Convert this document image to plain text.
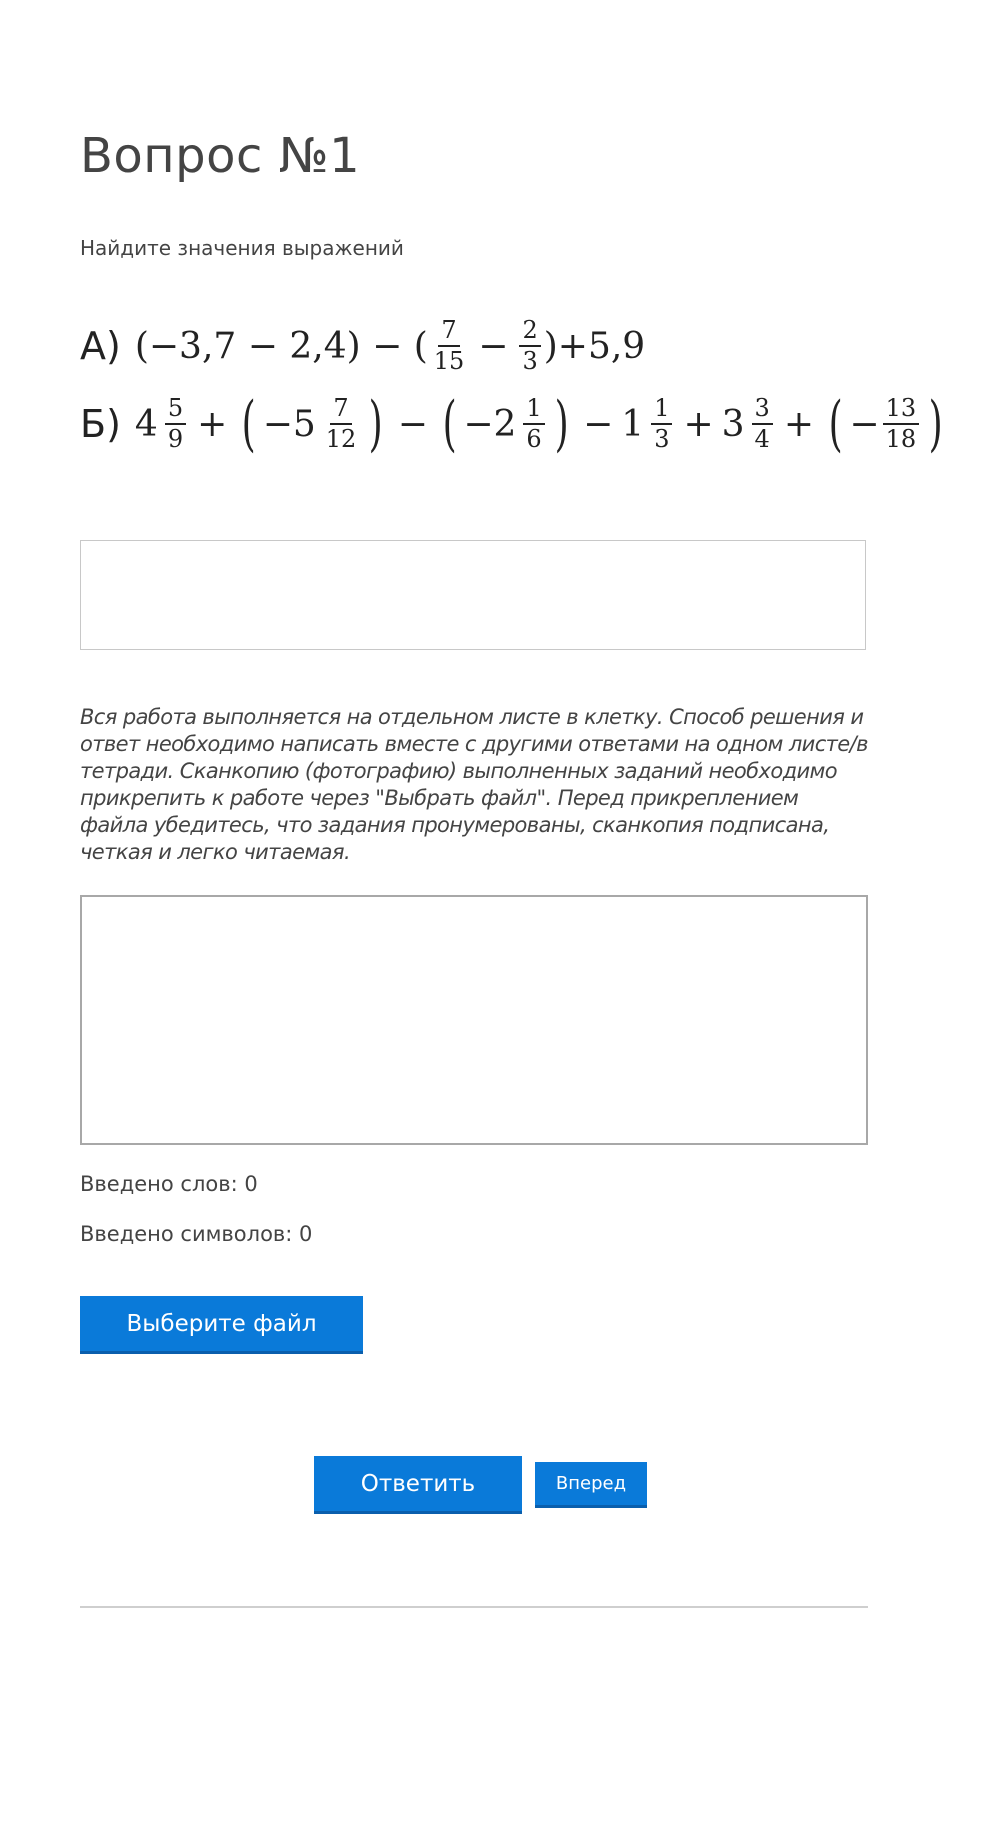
Вопрос №1
Найдите значения выражений
А) (−3,7 − 2,4) − ( $\frac{7}{15} - \frac{2}{3} )+5,9$
Б) $4 \frac{5}{9}$ + ( $-5 \frac{7}{12}$ ) − ( $-2 \frac{1}{6}$ ) − $1 \frac{1}{3} + 3 \frac{3}{4}$ + ( − $\frac{13}{18}$ )
Вся работа выполняется на отдельном листе в клетку. Способ решения и ответ необходимо написать вместе с другими ответами на одном листе/в тетради. Сканкопию (фотографию) выполненных заданий необходимо прикрепить к работе через "Выбрать файл". Перед прикреплением файла убедитесь, что задания пронумерованы, сканкопия подписана, четкая и легко читаемая.
Введено слов: 0
Введено символов: 0
Выберите файл
Ответить	Вперед
